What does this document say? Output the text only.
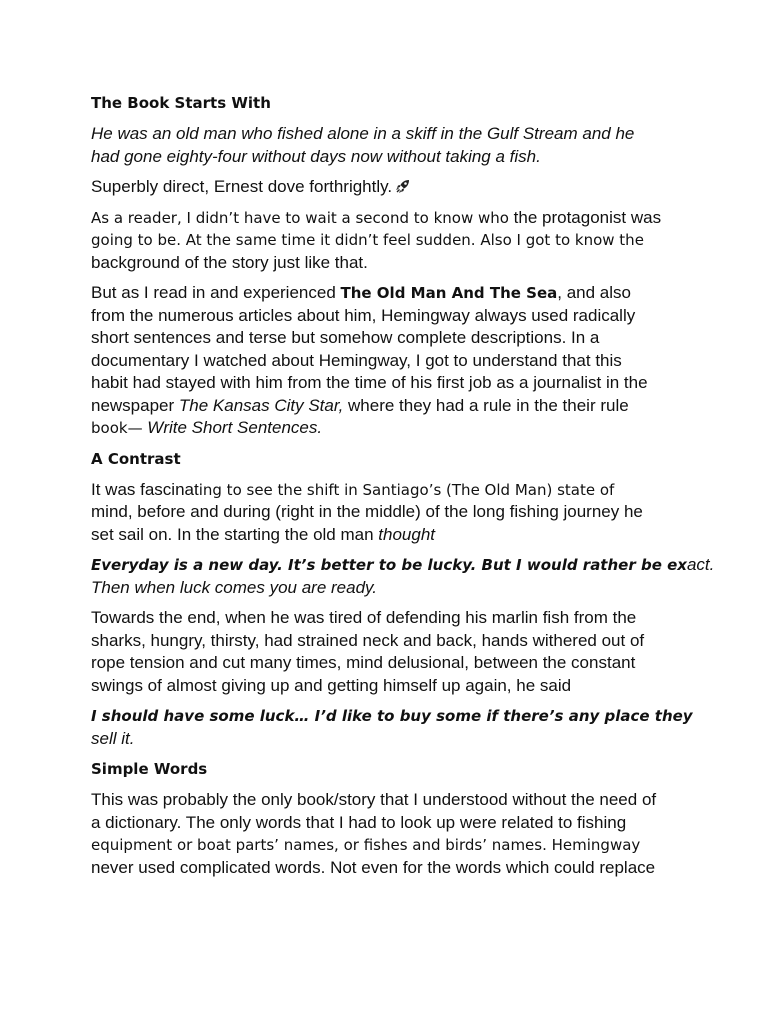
The Book Starts With
He was an old man who fished alone in a skiff in the Gulf Stream and he
had gone eighty-four without days now without taking a fish.
Superbly direct, Ernest dove forthrightly.
As a reader, I didn’t have to wait a second to know who the protagonist was
going to be. At the same time it didn’t feel sudden. Also I got to know the
background of the story just like that.
But as I read in and experienced The Old Man And The Sea, and also
from the numerous articles about him, Hemingway always used radically
short sentences and terse but somehow complete descriptions. In a
documentary I watched about Hemingway, I got to understand that this
habit had stayed with him from the time of his first job as a journalist in the
newspaper The Kansas City Star, where they had a rule in the their rule
book— Write Short Sentences.
A Contrast
It was fascinating to see the shift in Santiago’s (The Old Man) state of
mind, before and during (right in the middle) of the long fishing journey he
set sail on. In the starting the old man thought
Everyday is a new day. It’s better to be lucky. But I would rather be exact.
Then when luck comes you are ready.
Towards the end, when he was tired of defending his marlin fish from the
sharks, hungry, thirsty, had strained neck and back, hands withered out of
rope tension and cut many times, mind delusional, between the constant
swings of almost giving up and getting himself up again, he said
I should have some luck… I’d like to buy some if there’s any place they
sell it.
Simple Words
This was probably the only book/story that I understood without the need of
a dictionary. The only words that I had to look up were related to fishing
equipment or boat parts’ names, or fishes and birds’ names. Hemingway
never used complicated words. Not even for the words which could replace
